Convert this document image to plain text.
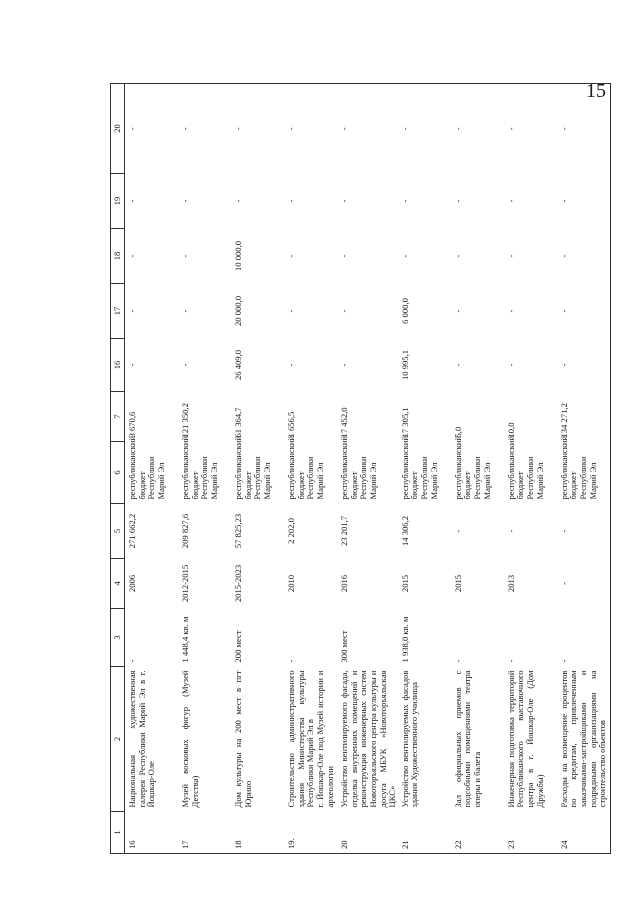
15
1	2	3	4	5	6	7	16	17	18	19	20
16	Национальная художественная галерея Республики Марий Эл в г. Йошкар-Оле	-	2006	271 662,2	республиканский бюджет Республики Марий Эл	3 670,6	-	-	-	-	-
17	Музей восковых фигур (Музей Детства)	1 448,4 кв. м	2012-2015	209 827,6	республиканский бюджет Республики Марий Эл	121 350,2	-	-	-	-	-
18	Дом культуры на 200 мест в пгт Юрино	200 мест	2015-2023	57 825,23	республиканский бюджет Республики Марий Эл	61 364,7	26 409,0	20 000,0	10 000,0	-	-
19.	Строительство административного здания Министерства культуры Республики Марий Эл в
г. Йошкар-Оле под Музей истории и археологии	-	2010	2 202,0	республиканский бюджет Республики Марий Эл	1 656,5	-	-	-	-	-
20	Устройство вентилируемого фасада, отделка внутренних помещений и реконструкция инженерных систем Новоторъяльского центра культуры и досуга МБУК «Новоторъяльская ЦКС»	300 мест	2016	23 201,7	республиканский бюджет Республики Марий Эл	17 452,0	-	-	-	-	-
21	Устройство вентилируемых фасадов здания Художественного училища	1 938,0 кв. м	2015	14 306,2	республиканский бюджет Республики Марий Эл	17 305,1	10 995,1	6 000,0	-	-	-
22	Зал официальных приемов с подсобными помещениями театра оперы и балета	-	2015	-	республиканский бюджет Республики Марий Эл	5,0	-	-	-	-	-
23	Инженерная подготовка территорий Республиканского выставочного центра в г. Йошкар-Оле (Дом Дружбы)	-	2013	-	республиканский бюджет Республики Марий Эл	10,0	-	-	-	-	-
24	Расходы на возмещение процентов по кредитам, привлеченным заказчиками-застройщиками и подрядными организациями на строительство объектов	-	-	-	республиканский бюджет Республики Марий Эл	134 271,2	-	-	-	-	-
